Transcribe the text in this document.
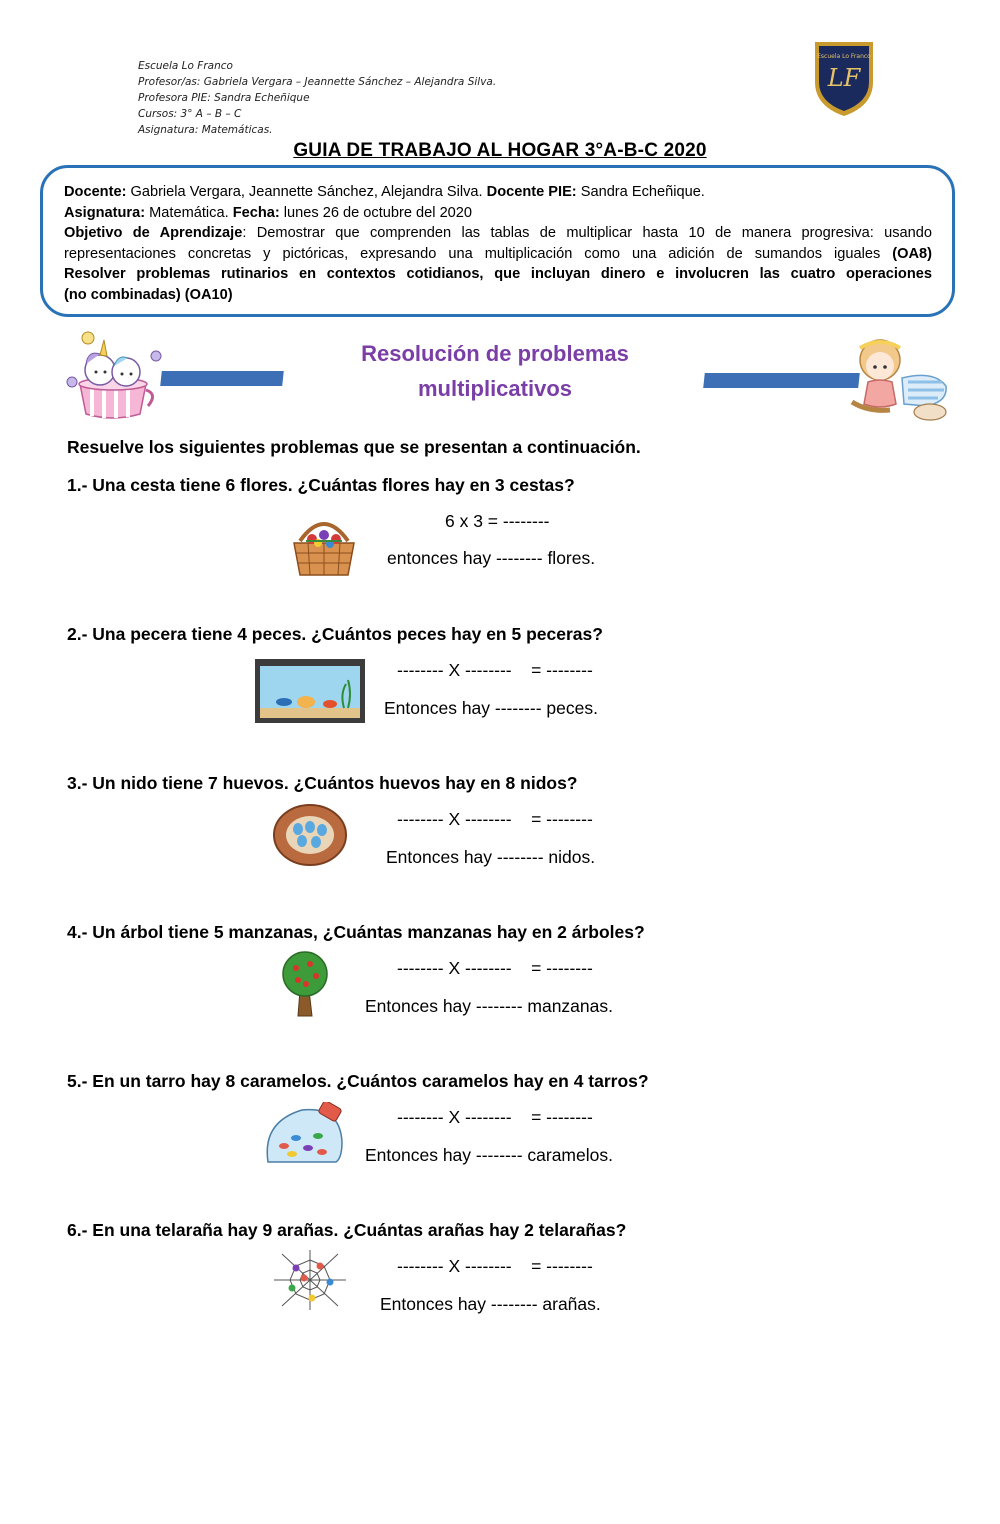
Escuela Lo Franco
Profesor/as: Gabriela Vergara – Jeannette Sánchez – Alejandra Silva.
Profesora PIE: Sandra Echeñique
Cursos: 3° A – B – C
Asignatura: Matemáticas.
LF
Escuela Lo Franco
GUIA DE TRABAJO AL HOGAR 3°A-B-C 2020

Docente: Gabriela Vergara, Jeannette Sánchez, Alejandra Silva. Docente PIE: Sandra Echeñique.

Asignatura: Matemática. Fecha: lunes 26 de octubre del 2020

Objetivo de Aprendizaje: Demostrar que comprenden las tablas de multiplicar hasta 10 de manera progresiva: usando

representaciones concretas y pictóricas, expresando una multiplicación como una adición de sumandos iguales (OA8)

Resolver problemas rutinarios en contextos cotidianos, que incluyan dinero e involucren las cuatro operaciones

(no combinadas) (OA10)

Resolución de problemas
multiplicativos
Resuelve los siguientes problemas que se presentan a continuación.
1.- Una cesta tiene 6 flores. ¿Cuántas flores hay en 3 cestas?
6 x 3 = --------
entonces hay -------- flores.
2.- Una pecera tiene 4 peces. ¿Cuántos peces hay en 5 peceras?
-------- X --------    = --------
Entonces hay -------- peces.
3.- Un nido tiene 7 huevos. ¿Cuántos huevos hay en 8 nidos?
-------- X --------    = --------
Entonces hay -------- nidos.
4.- Un árbol tiene 5 manzanas, ¿Cuántas manzanas hay en 2 árboles?
-------- X --------    = --------
Entonces hay -------- manzanas.
5.- En un tarro hay 8 caramelos. ¿Cuántos caramelos hay en 4 tarros?
-------- X --------    = --------
Entonces hay -------- caramelos.
6.- En una telaraña hay 9 arañas. ¿Cuántas arañas hay 2 telarañas?
-------- X --------    = --------
Entonces hay -------- arañas.
